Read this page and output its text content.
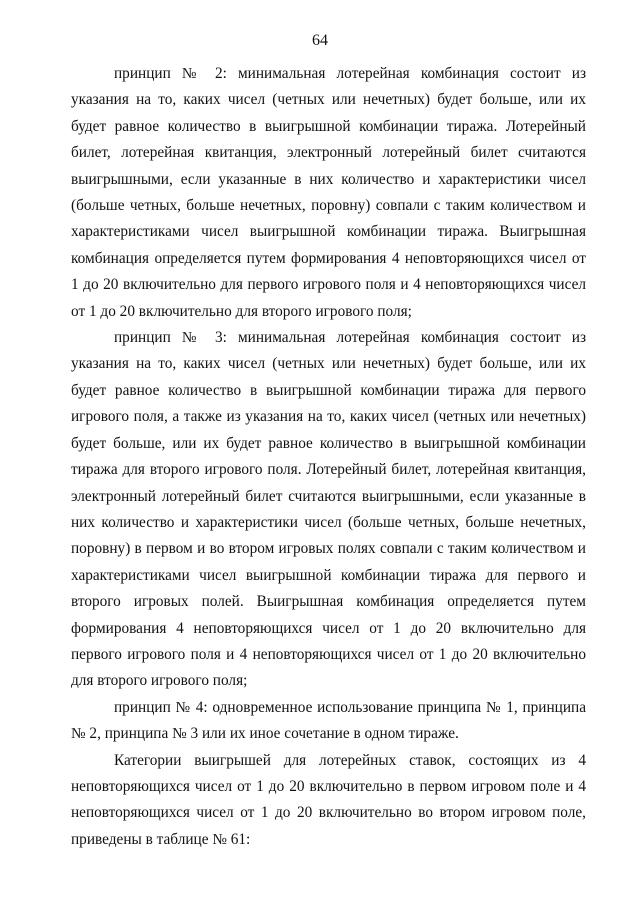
64

принцип № 2: минимальная лотерейная комбинация состоит из указания на то, каких чисел (четных или нечетных) будет больше, или их будет равное количество в выигрышной комбинации тиража. Лотерейный билет, лотерейная квитанция, электронный лотерейный билет считаются выигрышными, если указанные в них количество и характеристики чисел (больше четных, больше нечетных, поровну) совпали с таким количеством и характеристиками чисел выигрышной комбинации тиража. Выигрышная комбинация определяется путем формирования 4 неповторяющихся чисел от 1 до 20 включительно для первого игрового поля и 4 неповторяющихся чисел от 1 до 20 включительно для второго игрового поля;

принцип № 3: минимальная лотерейная комбинация состоит из указания на то, каких чисел (четных или нечетных) будет больше, или их будет равное количество в выигрышной комбинации тиража для первого игрового поля, а также из указания на то, каких чисел (четных или нечетных) будет больше, или их будет равное количество в выигрышной комбинации тиража для второго игрового поля. Лотерейный билет, лотерейная квитанция, электронный лотерейный билет считаются выигрышными, если указанные в них количество и характеристики чисел (больше четных, больше нечетных, поровну) в первом и во втором игровых полях совпали с таким количеством и характеристиками чисел выигрышной комбинации тиража для первого и второго игровых полей. Выигрышная комбинация определяется путем формирования 4 неповторяющихся чисел от 1 до 20 включительно для первого игрового поля и 4 неповторяющихся чисел от 1 до 20 включительно для второго игрового поля;

принцип № 4: одновременное использование принципа № 1, принципа № 2, принципа № 3 или их иное сочетание в одном тираже.

Категории выигрышей для лотерейных ставок, состоящих из 4 неповторяющихся чисел от 1 до 20 включительно в первом игровом поле и 4 неповторяющихся чисел от 1 до 20 включительно во втором игровом поле, приведены в таблице № 61:
